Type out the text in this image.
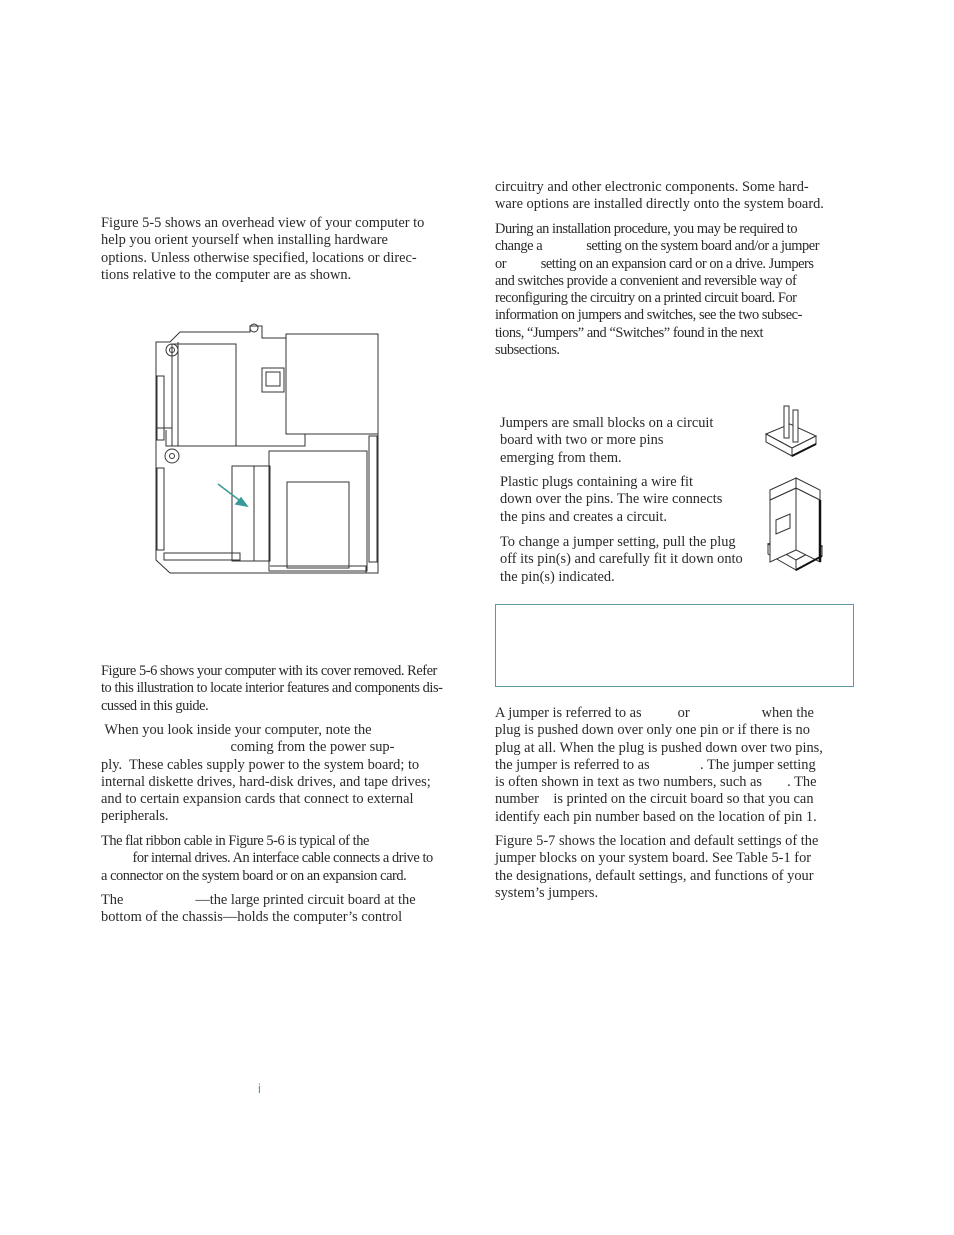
Figure 5-5 shows an overhead view of your computer to
help you orient yourself when installing hardware
options. Unless otherwise specified, locations or direc-
tions relative to the computer are as shown.

Figure 5-6 shows your computer with its cover removed. Refer
to this illustration to locate interior features and components dis-
cussed in this guide.

When you look inside your computer, note the
coming from the power sup-
ply.  These cables supply power to the system board; to
internal diskette drives, hard-disk drives, and tape drives;
and to certain expansion cards that connect to external
peripherals.

The flat ribbon cable in Figure 5-6 is typical of the
for internal drives. An interface cable connects a drive to
a connector on the system board or on an expansion card.

The                    —the large printed circuit board at the
bottom of the chassis—holds the computer’s control

circuitry and other electronic components. Some hard-
ware options are installed directly onto the system board.

During an installation procedure, you may be required to
change a              setting on the system board and/or a jumper
or           setting on an expansion card or on a drive. Jumpers
and switches provide a convenient and reversible way of
reconfiguring the circuitry on a printed circuit board. For
information on jumpers and switches, see the two subsec-
tions, “Jumpers” and “Switches” found in the next
subsections.

Jumpers are small blocks on a circuit
board with two or more pins
emerging from them.

Plastic plugs containing a wire fit
down over the pins. The wire connects
the pins and creates a circuit.

To change a jumper setting, pull the plug
off its pin(s) and carefully fit it down onto
the pin(s) indicated.

A jumper is referred to as          or                    when the
plug is pushed down over only one pin or if there is no
plug at all. When the plug is pushed down over two pins,
the jumper is referred to as              . The jumper setting
is often shown in text as two numbers, such as       . The
number    is printed on the circuit board so that you can
identify each pin number based on the location of pin 1.

Figure 5-7 shows the location and default settings of the
jumper blocks on your system board. See Table 5-1 for
the designations, default settings, and functions of your
system’s jumpers.

i
